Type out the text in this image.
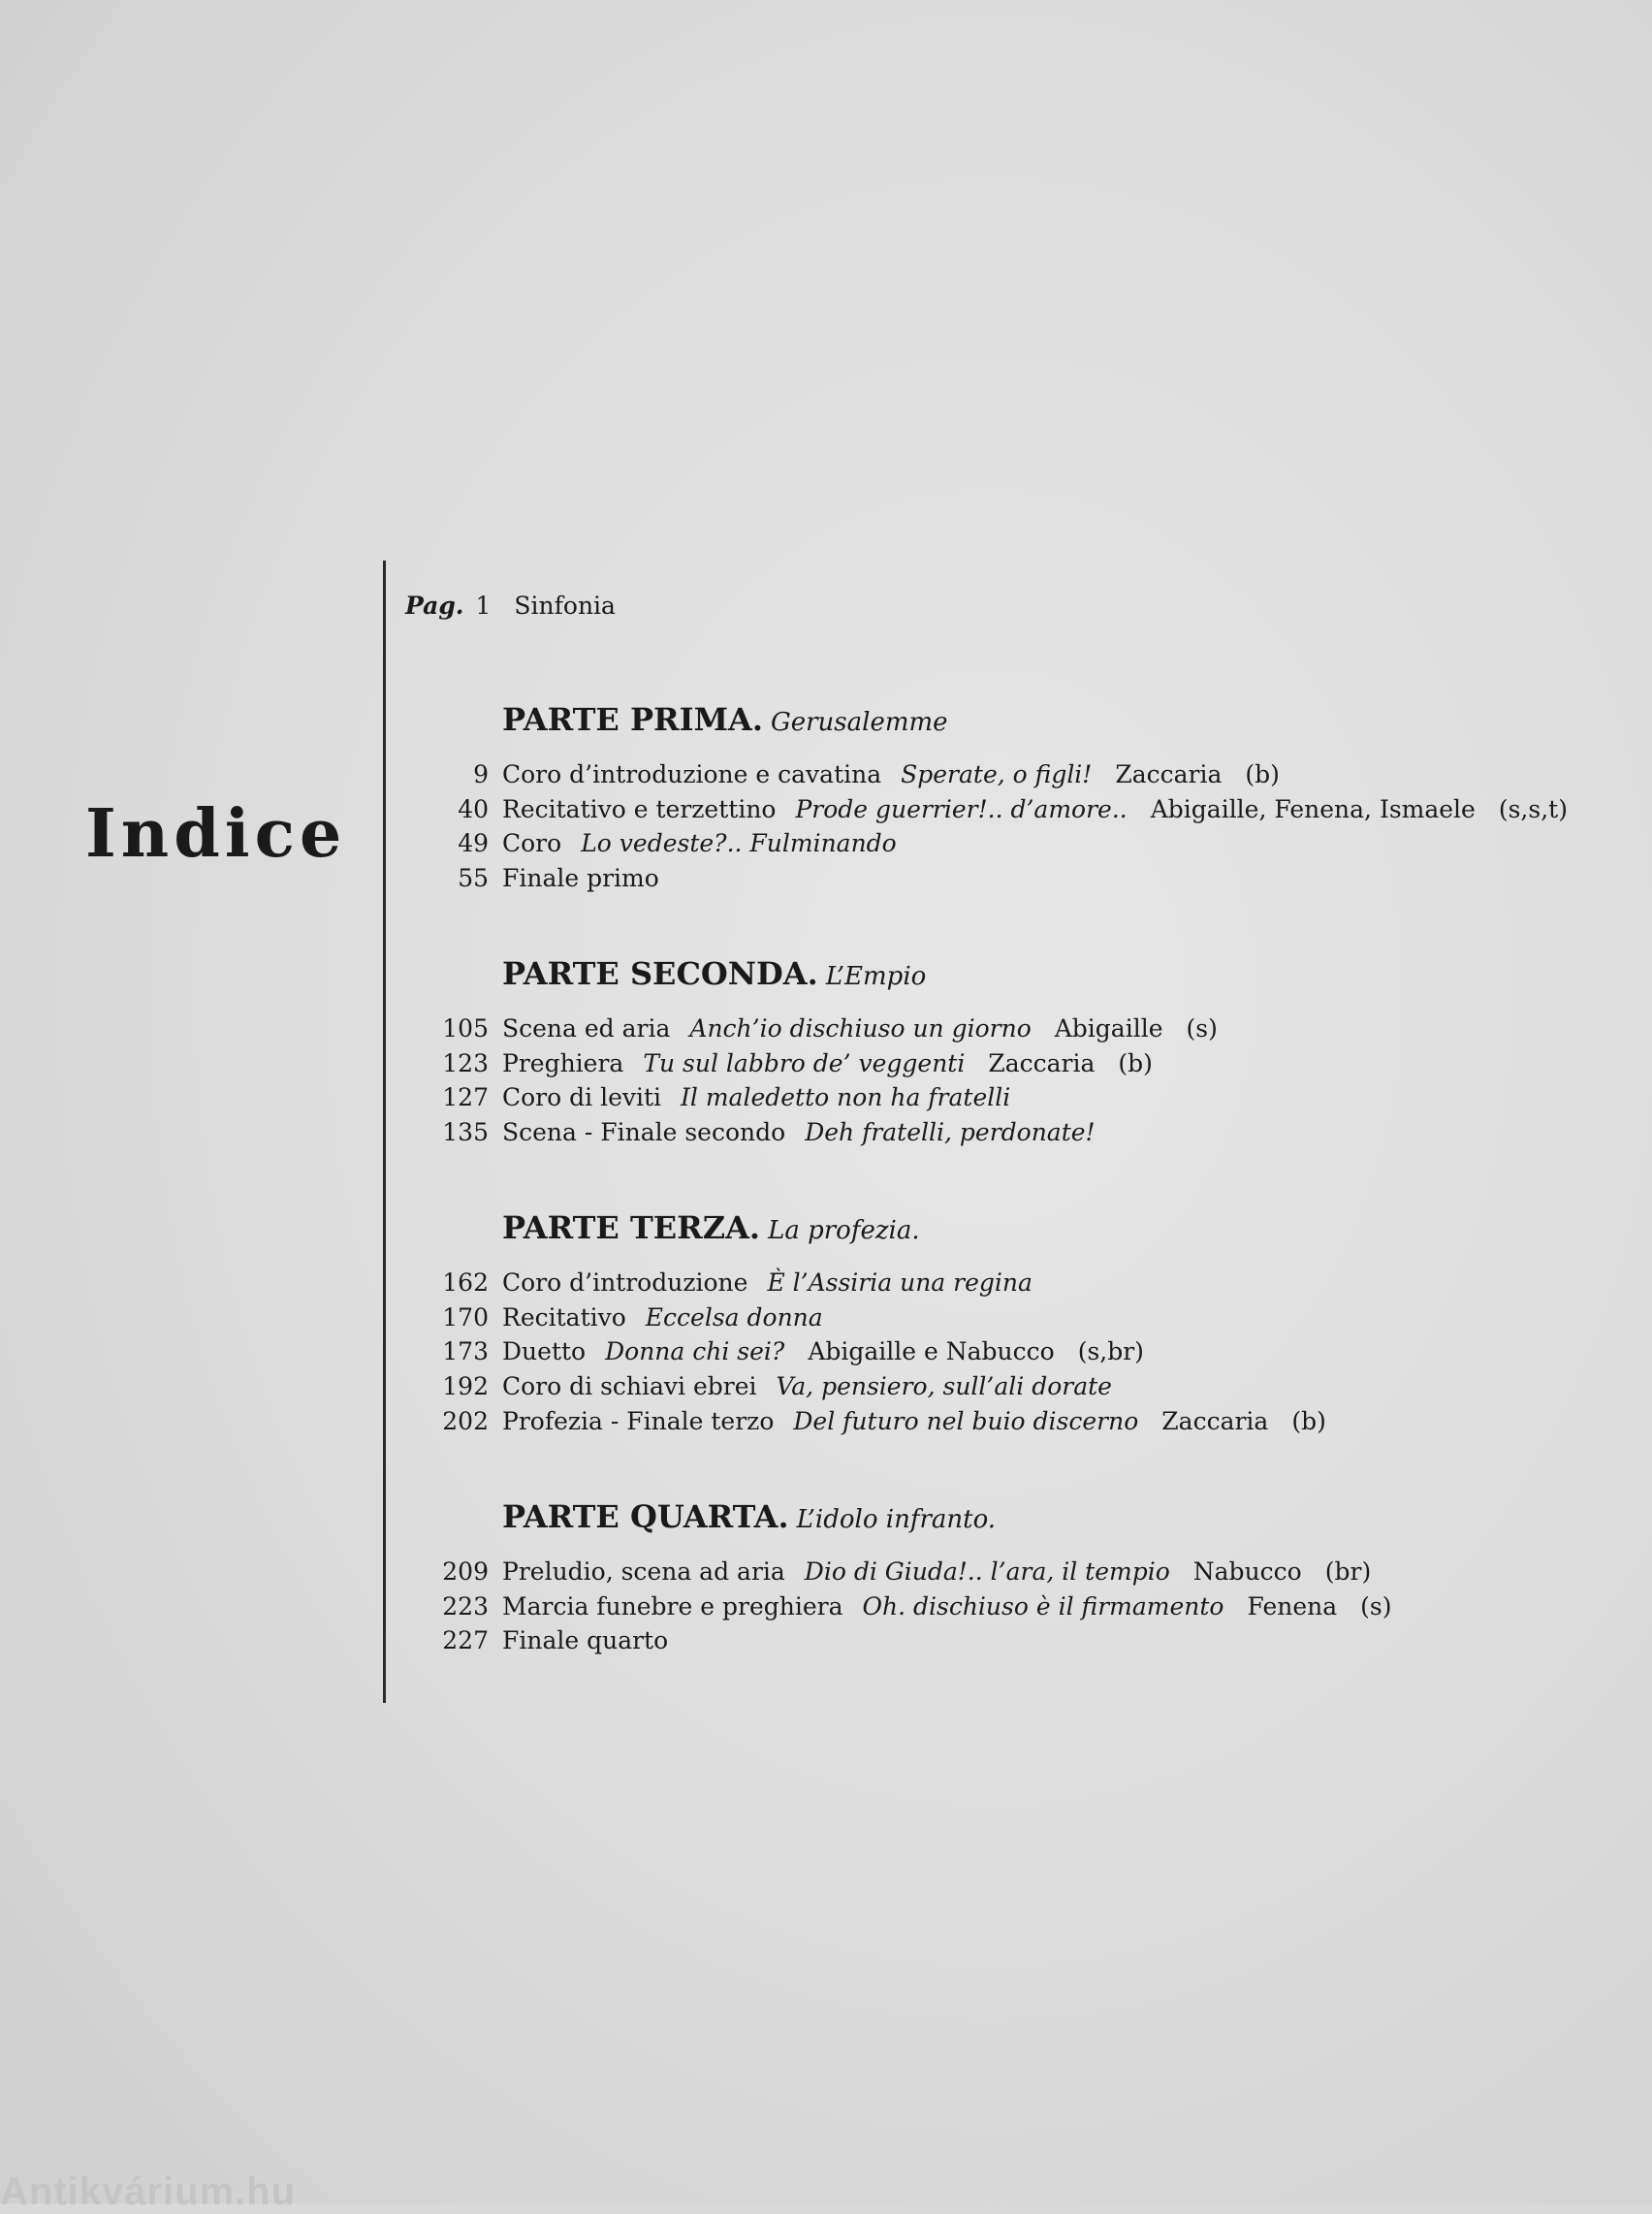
Indice
Pag. 1 Sinfonia
PARTE PRIMA. Gerusalemme
9 Coro d’introduzione e cavatina Sperate, o figli! Zaccaria (b)
40 Recitativo e terzettino Prode guerrier!.. d’amore.. Abigaille, Fenena, Ismaele (s,s,t)
49 Coro Lo vedeste?.. Fulminando
55 Finale primo
PARTE SECONDA. L’Empio
105 Scena ed aria Anch’io dischiuso un giorno Abigaille (s)
123 Preghiera Tu sul labbro de’ veggenti Zaccaria (b)
127 Coro di leviti Il maledetto non ha fratelli
135 Scena - Finale secondo Deh fratelli, perdonate!
PARTE TERZA. La profezia.
162 Coro d’introduzione È l’Assiria una regina
170 Recitativo Eccelsa donna
173 Duetto Donna chi sei? Abigaille e Nabucco (s,br)
192 Coro di schiavi ebrei Va, pensiero, sull’ali dorate
202 Profezia - Finale terzo Del futuro nel buio discerno Zaccaria (b)
PARTE QUARTA. L’idolo infranto.
209 Preludio, scena ad aria Dio di Giuda!.. l’ara, il tempio Nabucco (br)
223 Marcia funebre e preghiera Oh. dischiuso è il firmamento Fenena (s)
227 Finale quarto
Antikvárium.hu
